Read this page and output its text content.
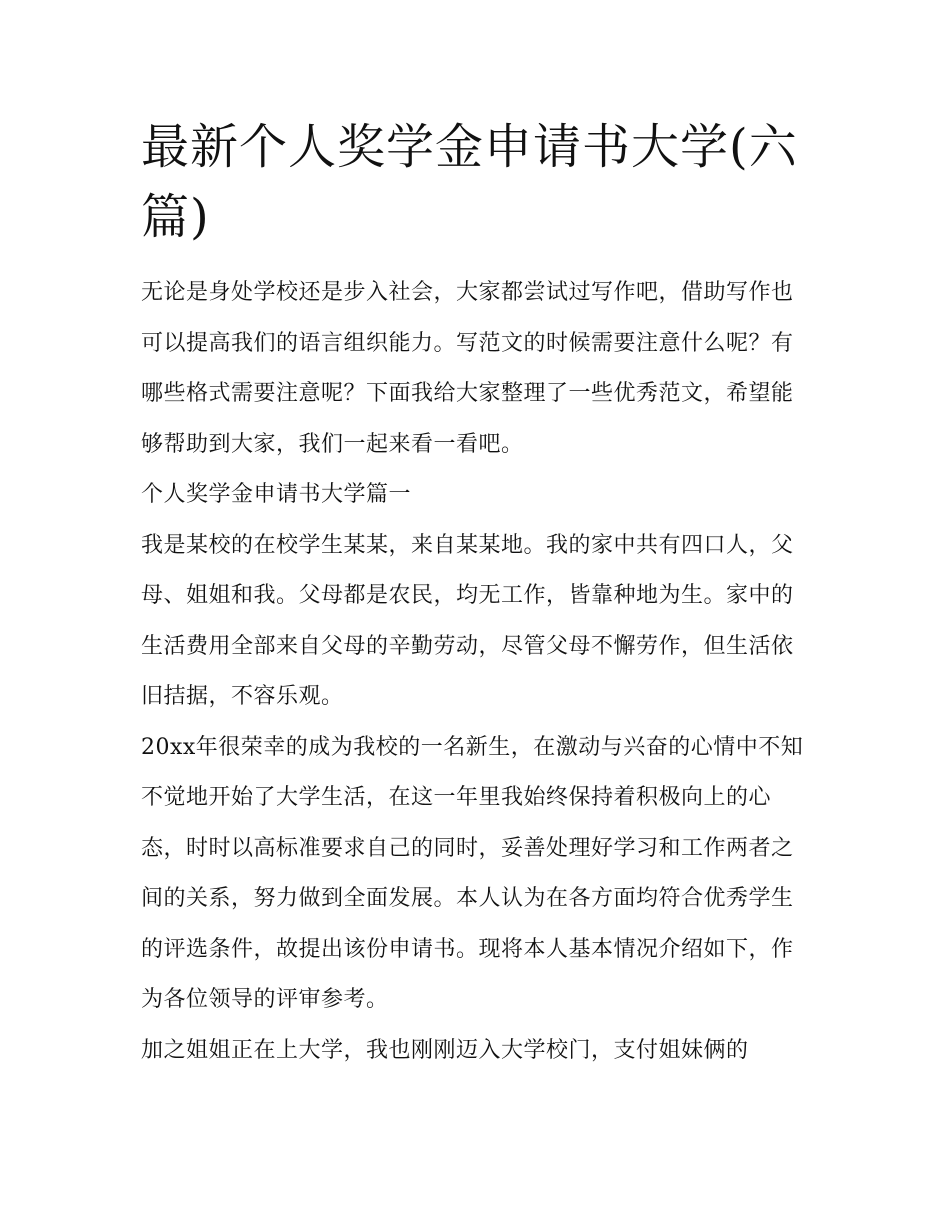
最新个人奖学金申请书大学(六篇)

无论是身处学校还是步入社会，大家都尝试过写作吧，借助写作也可以提高我们的语言组织能力。写范文的时候需要注意什么呢？有哪些格式需要注意呢？下面我给大家整理了一些优秀范文，希望能够帮助到大家，我们一起来看一看吧。

个人奖学金申请书大学篇一

我是某校的在校学生某某，来自某某地。我的家中共有四口人，父母、姐姐和我。父母都是农民，均无工作，皆靠种地为生。家中的生活费用全部来自父母的辛勤劳动，尽管父母不懈劳作，但生活依旧拮据，不容乐观。

20xx年很荣幸的成为我校的一名新生，在激动与兴奋的心情中不知不觉地开始了大学生活，在这一年里我始终保持着积极向上的心态，时时以高标准要求自己的同时，妥善处理好学习和工作两者之间的关系，努力做到全面发展。本人认为在各方面均符合优秀学生的评选条件，故提出该份申请书。现将本人基本情况介绍如下，作为各位领导的评审参考。

加之姐姐正在上大学，我也刚刚迈入大学校门，支付姐妹俩的
